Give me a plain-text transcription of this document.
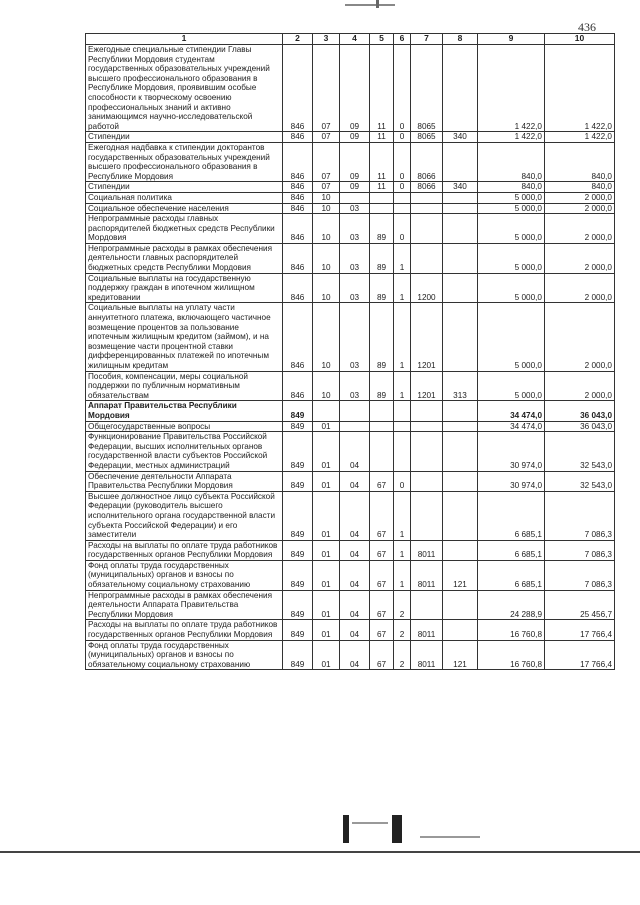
436
1	2	3	4	5	6	7	8	9	10
Ежегодные специальные стипендии Главы Республики Мордовия студентам государственных образовательных учреждений высшего профессионального образования в Республике Мордовия, проявившим особые способности к творческому освоению профессиональных знаний и активно занимающимся научно-исследовательской работой	846	07	09	11	0	8065		1 422,0	1 422,0
Стипендии	846	07	09	11	0	8065	340	1 422,0	1 422,0
Ежегодная надбавка к стипендии докторантов государственных образовательных учреждений высшего профессионального образования в Республике Мордовия	846	07	09	11	0	8066		840,0	840,0
Стипендии	846	07	09	11	0	8066	340	840,0	840,0
Социальная политика	846	10						5 000,0	2 000,0
Социальное обеспечение населения	846	10	03					5 000,0	2 000,0
Непрограммные расходы главных распорядителей бюджетных средств Республики Мордовия	846	10	03	89	0			5 000,0	2 000,0
Непрограммные расходы в рамках обеспечения деятельности главных распорядителей бюджетных средств Республики Мордовия	846	10	03	89	1			5 000,0	2 000,0
Социальные выплаты на государственную поддержку граждан в ипотечном жилищном кредитовании	846	10	03	89	1	1200		5 000,0	2 000,0
Социальные выплаты на уплату части аннуитетного платежа, включающего частичное возмещение процентов за пользование ипотечным жилищным кредитом (займом), и на возмещение части процентной ставки дифференцированных платежей по ипотечным жилищным кредитам	846	10	03	89	1	1201		5 000,0	2 000,0
Пособия, компенсации, меры социальной поддержки по публичным нормативным обязательствам	846	10	03	89	1	1201	313	5 000,0	2 000,0
Аппарат Правительства Республики Мордовия	849							34 474,0	36 043,0
Общегосударственные вопросы	849	01						34 474,0	36 043,0
Функционирование Правительства Российской Федерации, высших исполнительных органов государственной власти субъектов Российской Федерации, местных администраций	849	01	04					30 974,0	32 543,0
Обеспечение деятельности Аппарата Правительства Республики Мордовия	849	01	04	67	0			30 974,0	32 543,0
Высшее должностное лицо субъекта Российской Федерации (руководитель высшего исполнительного органа государственной власти субъекта Российской Федерации) и его заместители	849	01	04	67	1			6 685,1	7 086,3
Расходы на выплаты по оплате труда работников государственных органов Республики Мордовия	849	01	04	67	1	8011		6 685,1	7 086,3
Фонд оплаты труда государственных (муниципальных) органов и взносы по обязательному социальному страхованию	849	01	04	67	1	8011	121	6 685,1	7 086,3
Непрограммные расходы в рамках обеспечения деятельности Аппарата Правительства Республики Мордовия	849	01	04	67	2			24 288,9	25 456,7
Расходы на выплаты по оплате труда работников государственных органов Республики Мордовия	849	01	04	67	2	8011		16 760,8	17 766,4
Фонд оплаты труда государственных (муниципальных) органов и взносы по обязательному социальному страхованию	849	01	04	67	2	8011	121	16 760,8	17 766,4
